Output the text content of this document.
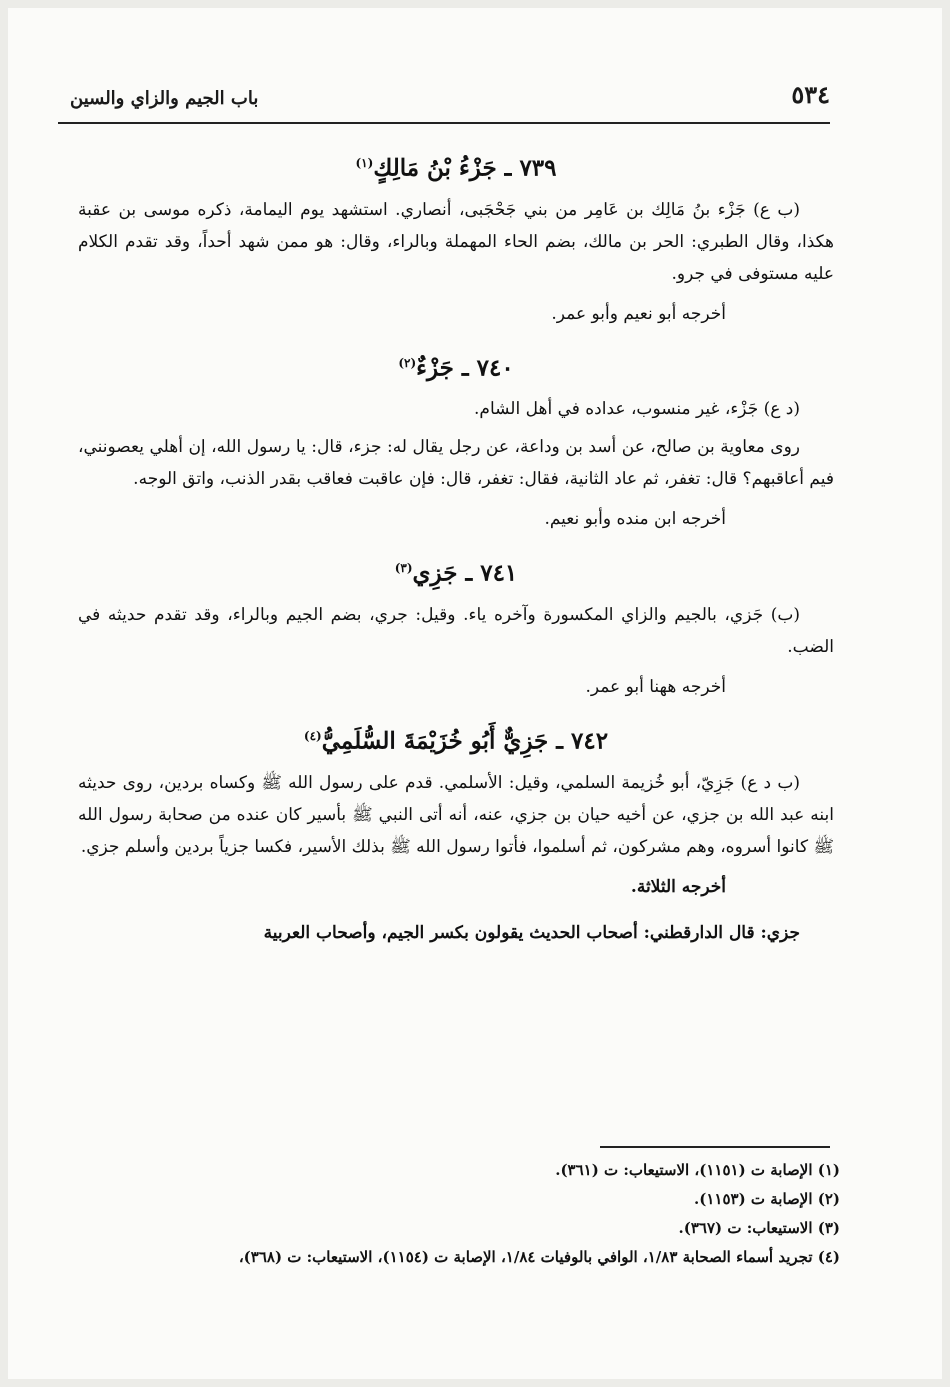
٥٣٤
باب الجيم والزاي والسين
٧٣٩ ـ جَزْءُ بْنُ مَالِكٍ$^{(١)}$

(ب ع) جَزْء بنُ مَالِك بن عَامِر من بني جَحْجَبى، أنصاري. استشهد يوم اليمامة، ذكره موسى بن عقبة هكذا، وقال الطبري: الحر بن مالك، بضم الحاء المهملة وبالراء، وقال: هو ممن شهد أحداً، وقد تقدم الكلام عليه مستوفى في جرو.

أخرجه أبو نعيم وأبو عمر.

٧٤٠ ـ جَزْءٌ$^{(٢)}$

(د ع) جَزْء، غير منسوب، عداده في أهل الشام.

روى معاوية بن صالح، عن أسد بن وداعة، عن رجل يقال له: جزء، قال: يا رسول الله، إن أهلي يعصونني، فيم أعاقبهم؟ قال: تغفر، ثم عاد الثانية، فقال: تغفر، قال: فإن عاقبت فعاقب بقدر الذنب، واتق الوجه.

أخرجه ابن منده وأبو نعيم.

٧٤١ ـ جَزِي$^{(٣)}$

(ب) جَزي، بالجيم والزاي المكسورة وآخره ياء. وقيل: جري، بضم الجيم وبالراء، وقد تقدم حديثه في الضب.

أخرجه ههنا أبو عمر.

٧٤٢ ـ جَزِيٌّ أَبُو خُزَيْمَةَ السُّلَمِيُّ$^{(٤)}$

(ب د ع) جَزِيّ، أبو خُزيمة السلمي، وقيل: الأسلمي. قدم على رسول الله ﷺ وكساه بردين، روى حديثه ابنه عبد الله بن جزي، عن أخيه حيان بن جزي، عنه، أنه أتى النبي ﷺ بأسير كان عنده من صحابة رسول الله ﷺ كانوا أسروه، وهم مشركون، ثم أسلموا، فأتوا رسول الله ﷺ بذلك الأسير، فكسا جزياً بردين وأسلم جزي.

أخرجه الثلاثة.

جزي: قال الدارقطني: أصحاب الحديث يقولون بكسر الجيم، وأصحاب العربية

(١) الإصابة ت (١١٥١)، الاستيعاب: ت (٣٦١).
(٢) الإصابة ت (١١٥٣).
(٣) الاستيعاب: ت (٣٦٧).
(٤) تجريد أسماء الصحابة ١/٨٣، الوافي بالوفيات ١/٨٤، الإصابة ت (١١٥٤)، الاستيعاب: ت (٣٦٨)،
